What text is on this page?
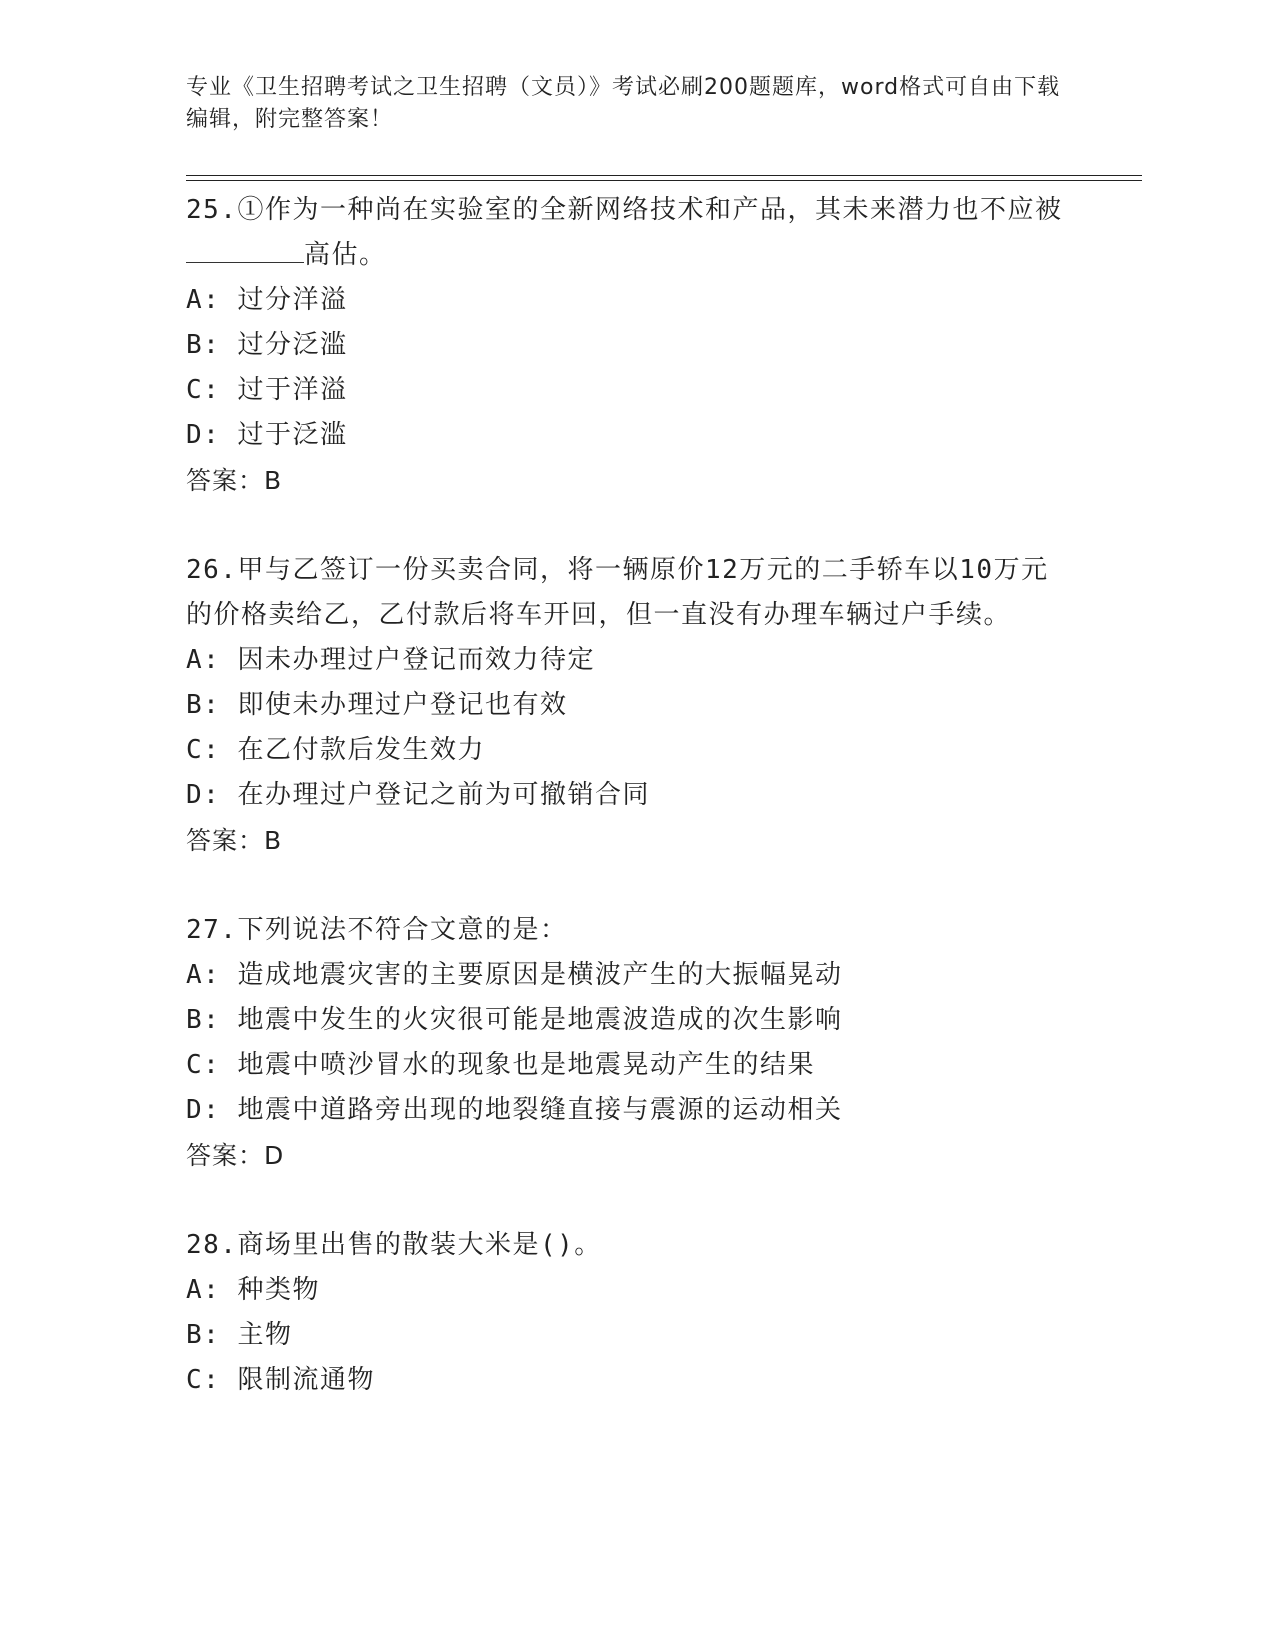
专业《卫生招聘考试之卫生招聘（文员）》考试必刷200题题库，word格式可自由下载编辑，附完整答案！

25.①作为一种尚在实验室的全新网络技术和产品，其未来潜力也不应被高估。

A: 过分洋溢

B: 过分泛滥

C: 过于洋溢

D: 过于泛滥

答案：B

26.甲与乙签订一份买卖合同，将一辆原价12万元的二手轿车以10万元的价格卖给乙，乙付款后将车开回，但一直没有办理车辆过户手续。

A: 因未办理过户登记而效力待定

B: 即使未办理过户登记也有效

C: 在乙付款后发生效力

D: 在办理过户登记之前为可撤销合同

答案：B

27.下列说法不符合文意的是：

A: 造成地震灾害的主要原因是横波产生的大振幅晃动

B: 地震中发生的火灾很可能是地震波造成的次生影响

C: 地震中喷沙冒水的现象也是地震晃动产生的结果

D: 地震中道路旁出现的地裂缝直接与震源的运动相关

答案：D

28.商场里出售的散装大米是()。

A: 种类物

B: 主物

C: 限制流通物
